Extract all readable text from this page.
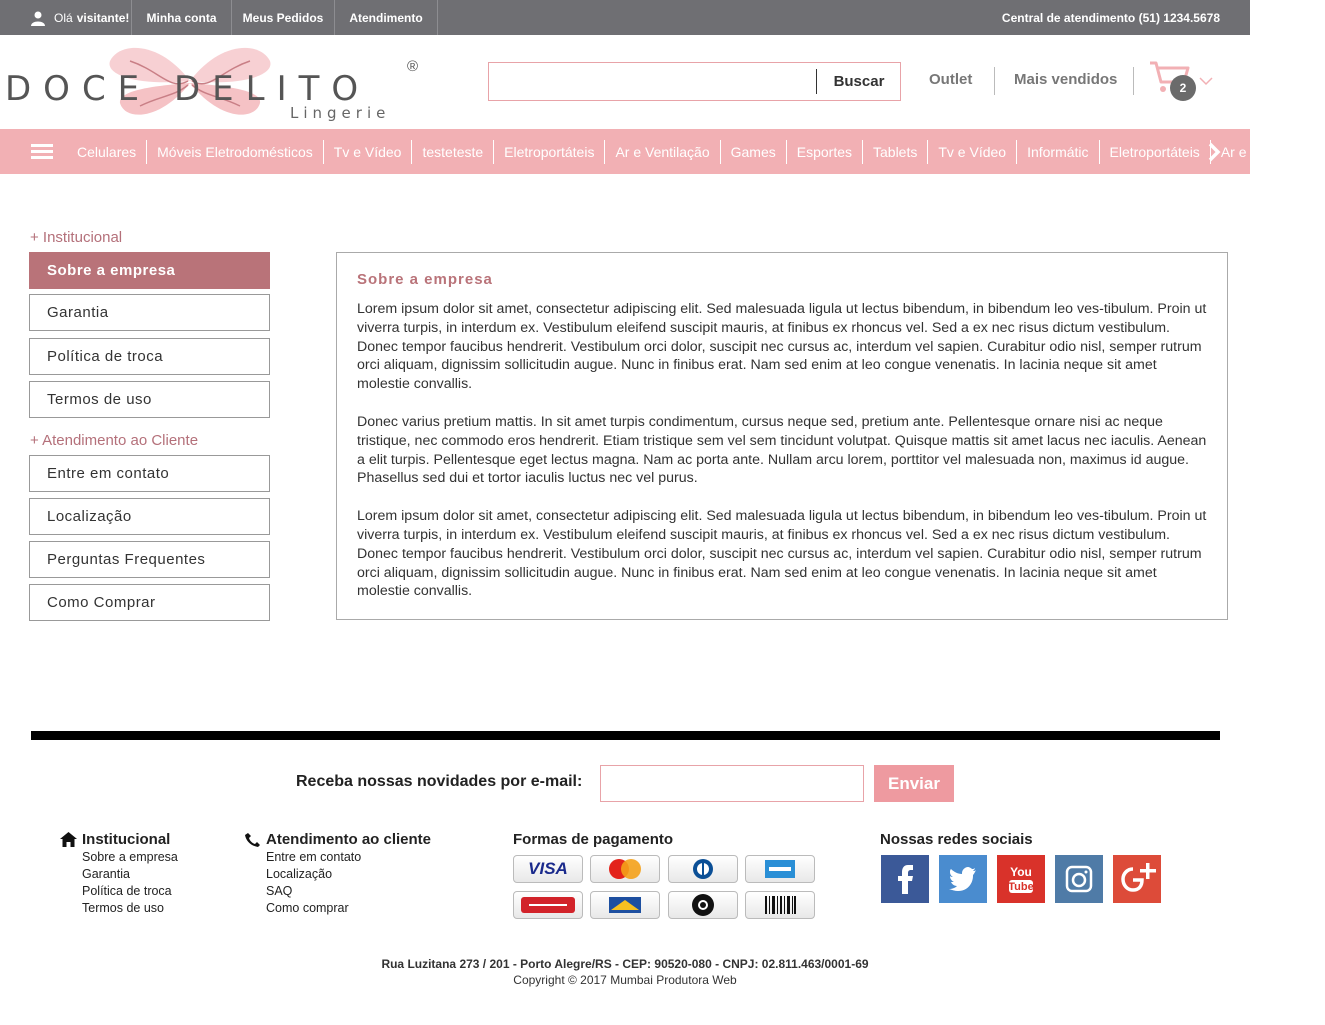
Olá visitante!	Minha conta	Meus Pedidos	Atendimento	Central de atendimento (51) 1234.5678
DOCE DELITO
Lingerie
®
Buscar	Outlet	Mais vendidos	2
Celulares	Móveis Eletrodomésticos	Tv e Vídeo	testeteste	Eletroportáteis	Ar e Ventilação	Games	Esportes	Tablets	Tv e Vídeo	Informátic	Eletroportáteis	Ar e Ventilação
+ Institucional
Sobre a empresa
Garantia
Política de troca
Termos de uso
+ Atendimento ao Cliente
Entre em contato
Localização
Perguntas Frequentes
Como Comprar
Sobre a empresa

Lorem ipsum dolor sit amet, consectetur adipiscing elit. Sed malesuada ligula ut lectus bibendum, in bibendum leo ves-tibulum. Proin ut viverra turpis, in interdum ex. Vestibulum eleifend suscipit mauris, at finibus ex rhoncus vel. Sed a ex nec risus dictum vestibulum. Donec tempor faucibus hendrerit. Vestibulum orci dolor, suscipit nec cursus ac, interdum vel sapien. Curabitur odio nisl, semper rutrum orci aliquam, dignissim sollicitudin augue. Nunc in finibus erat. Nam sed enim at leo congue venenatis. In lacinia neque sit amet molestie convallis.

Donec varius pretium mattis. In sit amet turpis condimentum, cursus neque sed, pretium ante. Pellentesque ornare nisi ac neque tristique, nec commodo eros hendrerit. Etiam tristique sem vel sem tincidunt volutpat. Quisque mattis sit amet lacus nec iaculis. Aenean a elit turpis. Pellentesque eget lectus magna. Nam ac porta ante. Nullam arcu lorem, porttitor vel malesuada non, maximus id augue. Phasellus sed dui et tortor iaculis luctus nec vel purus.

Lorem ipsum dolor sit amet, consectetur adipiscing elit. Sed malesuada ligula ut lectus bibendum, in bibendum leo ves-tibulum. Proin ut viverra turpis, in interdum ex. Vestibulum eleifend suscipit mauris, at finibus ex rhoncus vel. Sed a ex nec risus dictum vestibulum. Donec tempor faucibus hendrerit. Vestibulum orci dolor, suscipit nec cursus ac, interdum vel sapien. Curabitur odio nisl, semper rutrum orci aliquam, dignissim sollicitudin augue. Nunc in finibus erat. Nam sed enim at leo congue venenatis. In lacinia neque sit amet molestie convallis.

Receba nossas novidades por e-mail:	Enviar
Institucional
Sobre a empresa
Garantia
Política de troca
Termos de uso
Atendimento ao cliente
Entre em contato
Localização
SAQ
Como comprar
Formas de pagamento
VISA
Nossas redes sociais
You
Tube
Rua Luzitana 273 / 201 - Porto Alegre/RS - CEP: 90520-080 - CNPJ: 02.811.463/0001-69
Copyright © 2017 Mumbai Produtora Web
